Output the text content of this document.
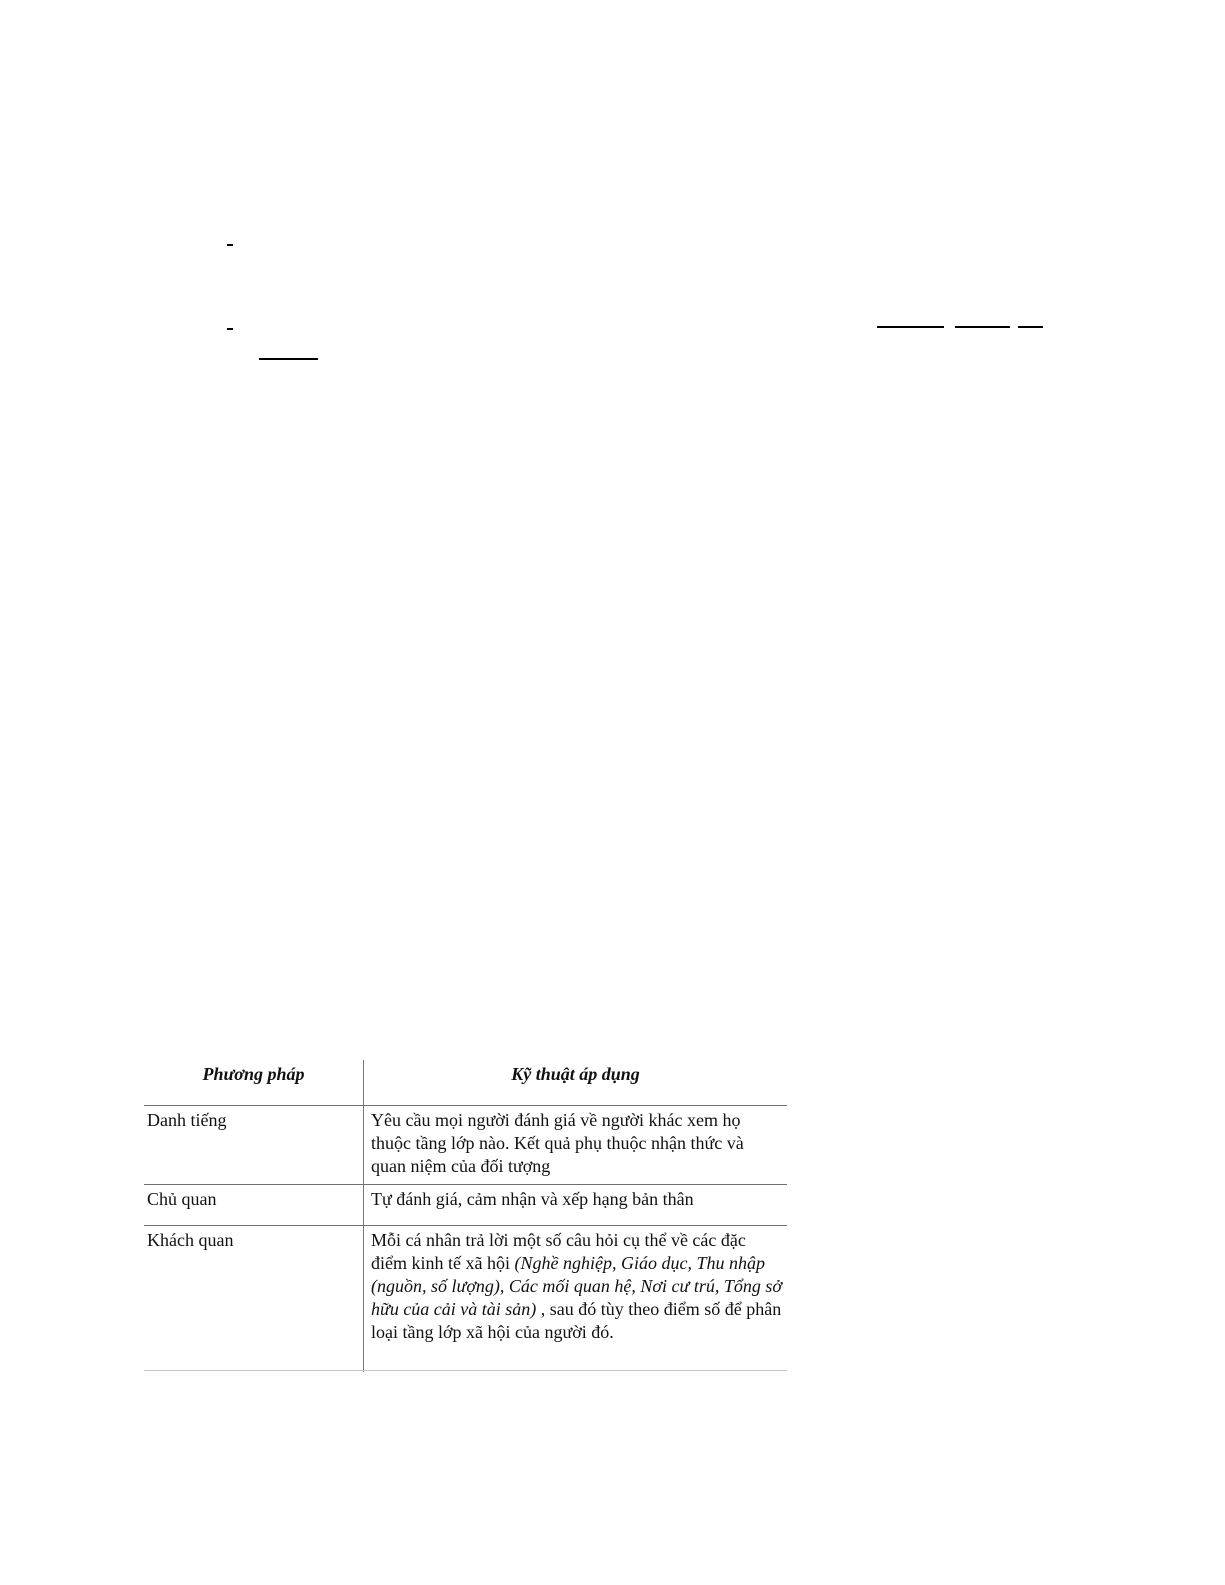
Phương pháp	Kỹ thuật áp dụng
Danh tiếng	Yêu cầu mọi người đánh giá về người khác xem họ thuộc tầng lớp nào. Kết quả phụ thuộc nhận thức và quan niệm của đối tượng
Chủ quan	Tự đánh giá, cảm nhận và xếp hạng bản thân
Khách quan	Mỗi cá nhân trả lời một số câu hỏi cụ thể về các đặc điểm kinh tế xã hội (Nghề nghiệp, Giáo dục, Thu nhập (nguồn, số lượng), Các mối quan hệ, Nơi cư trú, Tổng sở hữu của cải và tài sản) , sau đó tùy theo điểm số để phân loại tầng lớp xã hội của người đó.
